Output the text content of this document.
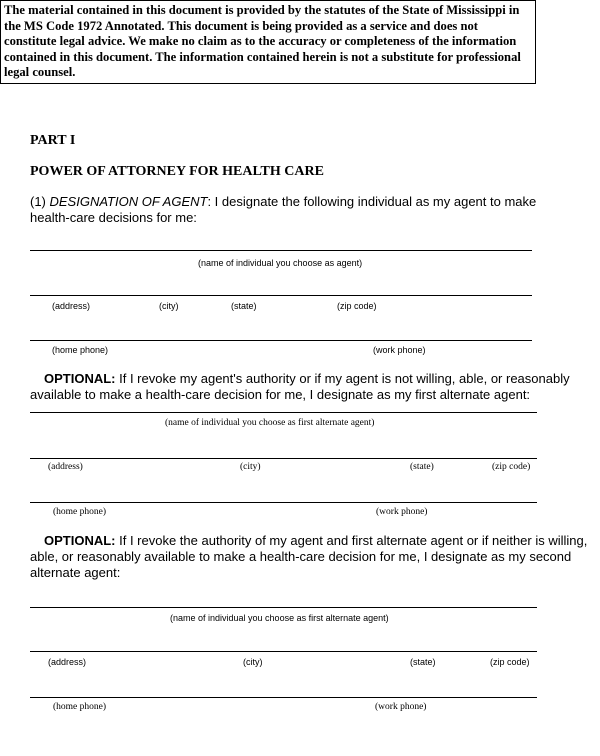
The material contained in this document is provided by the statutes of the State of Mississippi in
the MS Code 1972 Annotated. This document is being provided as a service and does not
constitute legal advice. We make no claim as to the accuracy or completeness of the information
contained in this document. The information contained herein is not a substitute for professional
legal counsel.
PART I
POWER OF ATTORNEY FOR HEALTH CARE
(1) DESIGNATION OF AGENT: I designate the following individual as my agent to make
health-care decisions for me:
(name of individual you choose as agent)
(address)	(city)	(state)	(zip code)
(home phone)	(work phone)
OPTIONAL: If I revoke my agent's authority or if my agent is not willing, able, or reasonably
available to make a health-care decision for me, I designate as my first alternate agent:
(name of individual you choose as first alternate agent)
(address)	(city)	(state)	(zip code)
(home phone)	(work phone)
OPTIONAL: If I revoke the authority of my agent and first alternate agent or if neither is willing,
able, or reasonably available to make a health-care decision for me, I designate as my second
alternate agent:
(name of individual you choose as first alternate agent)
(address)	(city)	(state)	(zip code)
(home phone)	(work phone)
